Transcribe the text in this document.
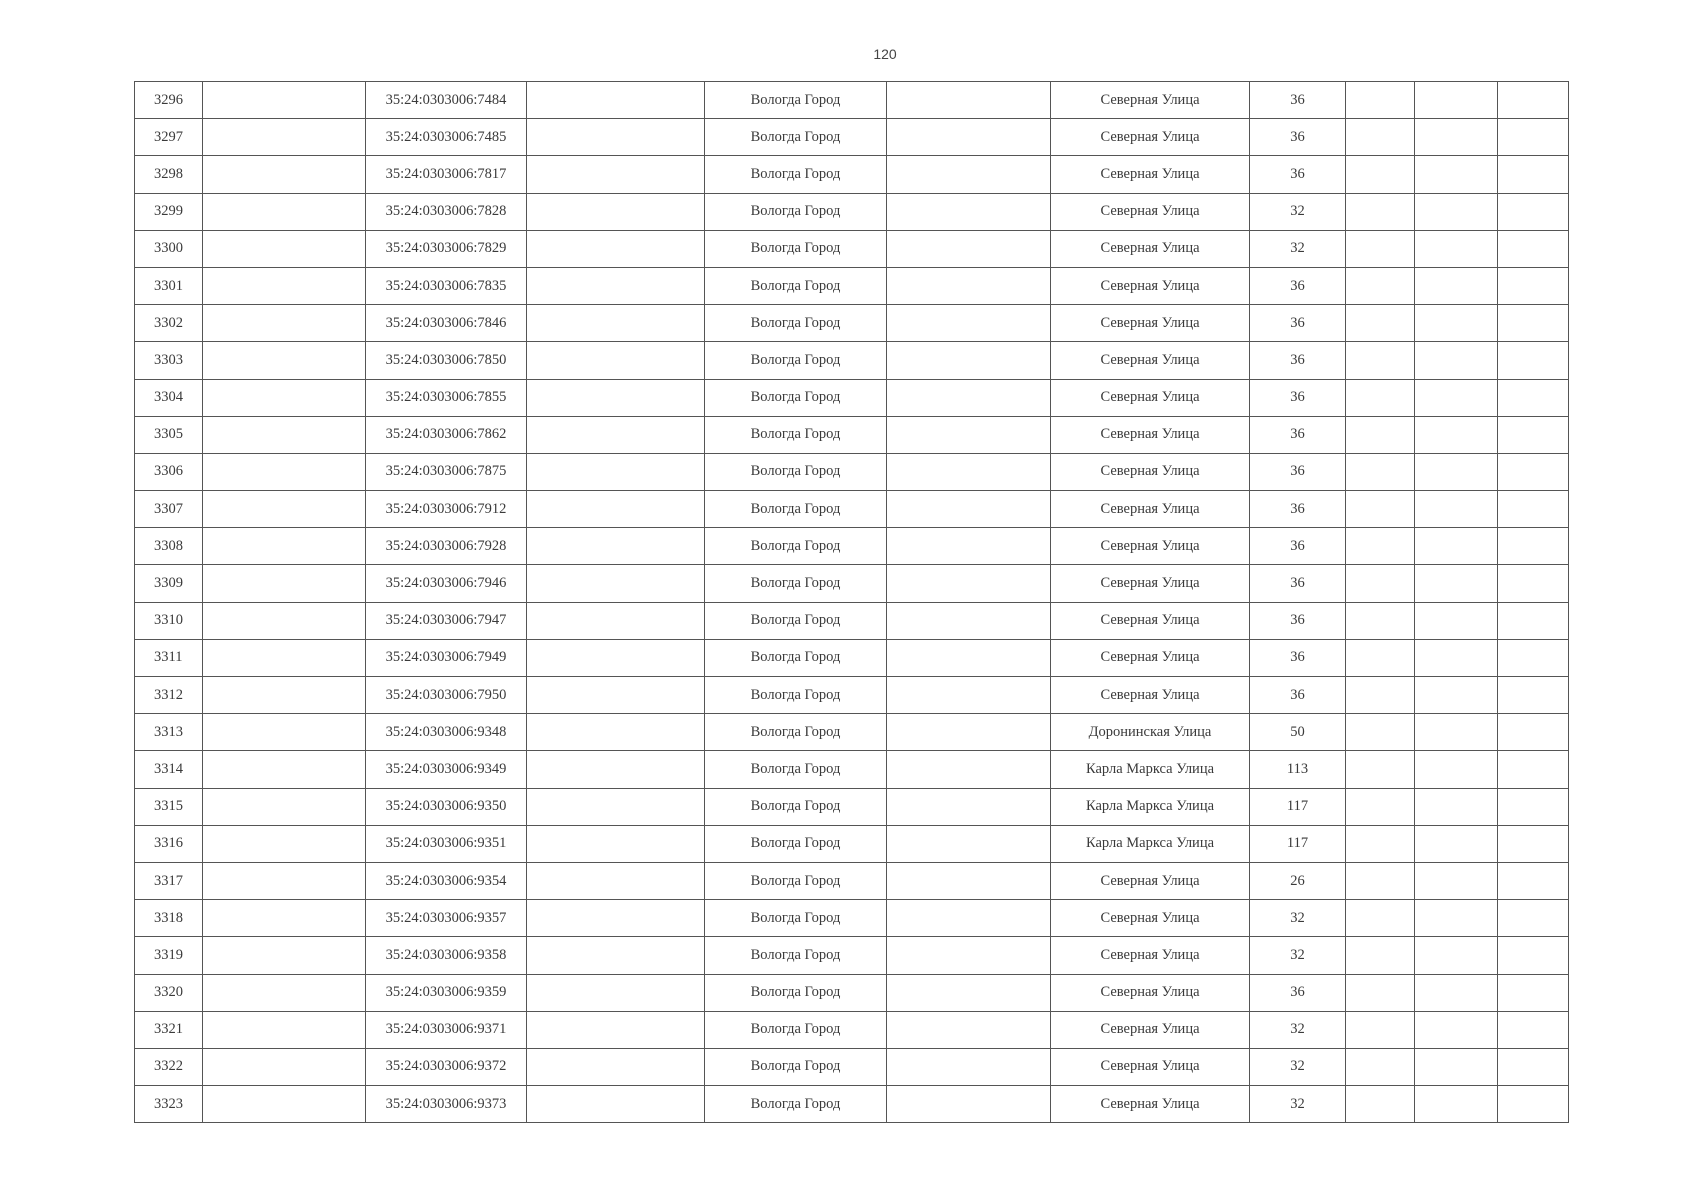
120
3296		35:24:0303006:7484		Вологда Город		Северная Улица	36			
3297		35:24:0303006:7485		Вологда Город		Северная Улица	36			
3298		35:24:0303006:7817		Вологда Город		Северная Улица	36			
3299		35:24:0303006:7828		Вологда Город		Северная Улица	32			
3300		35:24:0303006:7829		Вологда Город		Северная Улица	32			
3301		35:24:0303006:7835		Вологда Город		Северная Улица	36			
3302		35:24:0303006:7846		Вологда Город		Северная Улица	36			
3303		35:24:0303006:7850		Вологда Город		Северная Улица	36			
3304		35:24:0303006:7855		Вологда Город		Северная Улица	36			
3305		35:24:0303006:7862		Вологда Город		Северная Улица	36			
3306		35:24:0303006:7875		Вологда Город		Северная Улица	36			
3307		35:24:0303006:7912		Вологда Город		Северная Улица	36			
3308		35:24:0303006:7928		Вологда Город		Северная Улица	36			
3309		35:24:0303006:7946		Вологда Город		Северная Улица	36			
3310		35:24:0303006:7947		Вологда Город		Северная Улица	36			
3311		35:24:0303006:7949		Вологда Город		Северная Улица	36			
3312		35:24:0303006:7950		Вологда Город		Северная Улица	36			
3313		35:24:0303006:9348		Вологда Город		Доронинская Улица	50			
3314		35:24:0303006:9349		Вологда Город		Карла Маркса Улица	113			
3315		35:24:0303006:9350		Вологда Город		Карла Маркса Улица	117			
3316		35:24:0303006:9351		Вологда Город		Карла Маркса Улица	117			
3317		35:24:0303006:9354		Вологда Город		Северная Улица	26			
3318		35:24:0303006:9357		Вологда Город		Северная Улица	32			
3319		35:24:0303006:9358		Вологда Город		Северная Улица	32			
3320		35:24:0303006:9359		Вологда Город		Северная Улица	36			
3321		35:24:0303006:9371		Вологда Город		Северная Улица	32			
3322		35:24:0303006:9372		Вологда Город		Северная Улица	32			
3323		35:24:0303006:9373		Вологда Город		Северная Улица	32			
